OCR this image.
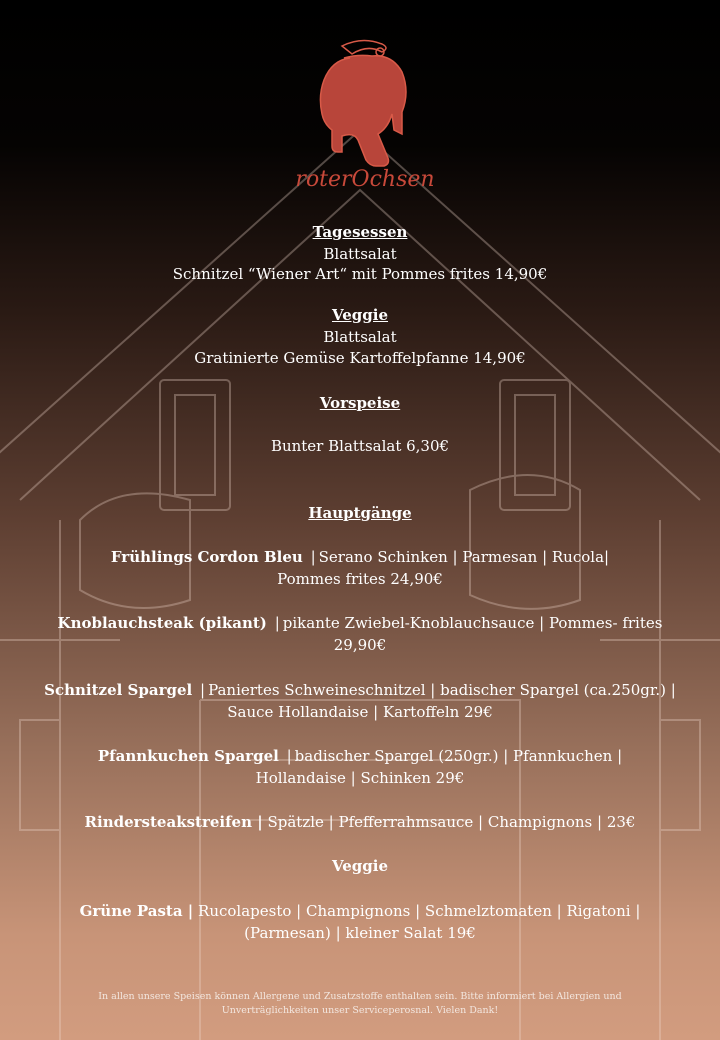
roterOchsen
Tagesessen
Blattsalat
Schnitzel “Wiener Art“ mit Pommes frites 14,90€
Veggie
Blattsalat
Gratinierte Gemüse Kartoffelpfanne 14,90€
Vorspeise
Bunter Blattsalat 6,30€
Hauptgänge
Frühlings Cordon Bleu | Serano Schinken | Parmesan | Rucola|
Pommes frites 24,90€
Knoblauchsteak (pikant) | pikante Zwiebel-Knoblauchsauce | Pommes- frites
29,90€
Schnitzel Spargel | Paniertes Schweineschnitzel | badischer Spargel (ca.250gr.) |
Sauce Hollandaise | Kartoffeln 29€
Pfannkuchen Spargel | badischer Spargel (250gr.) | Pfannkuchen |
Hollandaise | Schinken 29€
Rindersteakstreifen | Spätzle | Pfefferrahmsauce | Champignons | 23€
Veggie
Grüne Pasta | Rucolapesto | Champignons | Schmelztomaten | Rigatoni |
(Parmesan) | kleiner Salat 19€
In allen unsere Speisen können Allergene und Zusatzstoffe enthalten sein. Bitte informiert bei Allergien und
Unverträglichkeiten unser Serviceperosnal. Vielen Dank!
